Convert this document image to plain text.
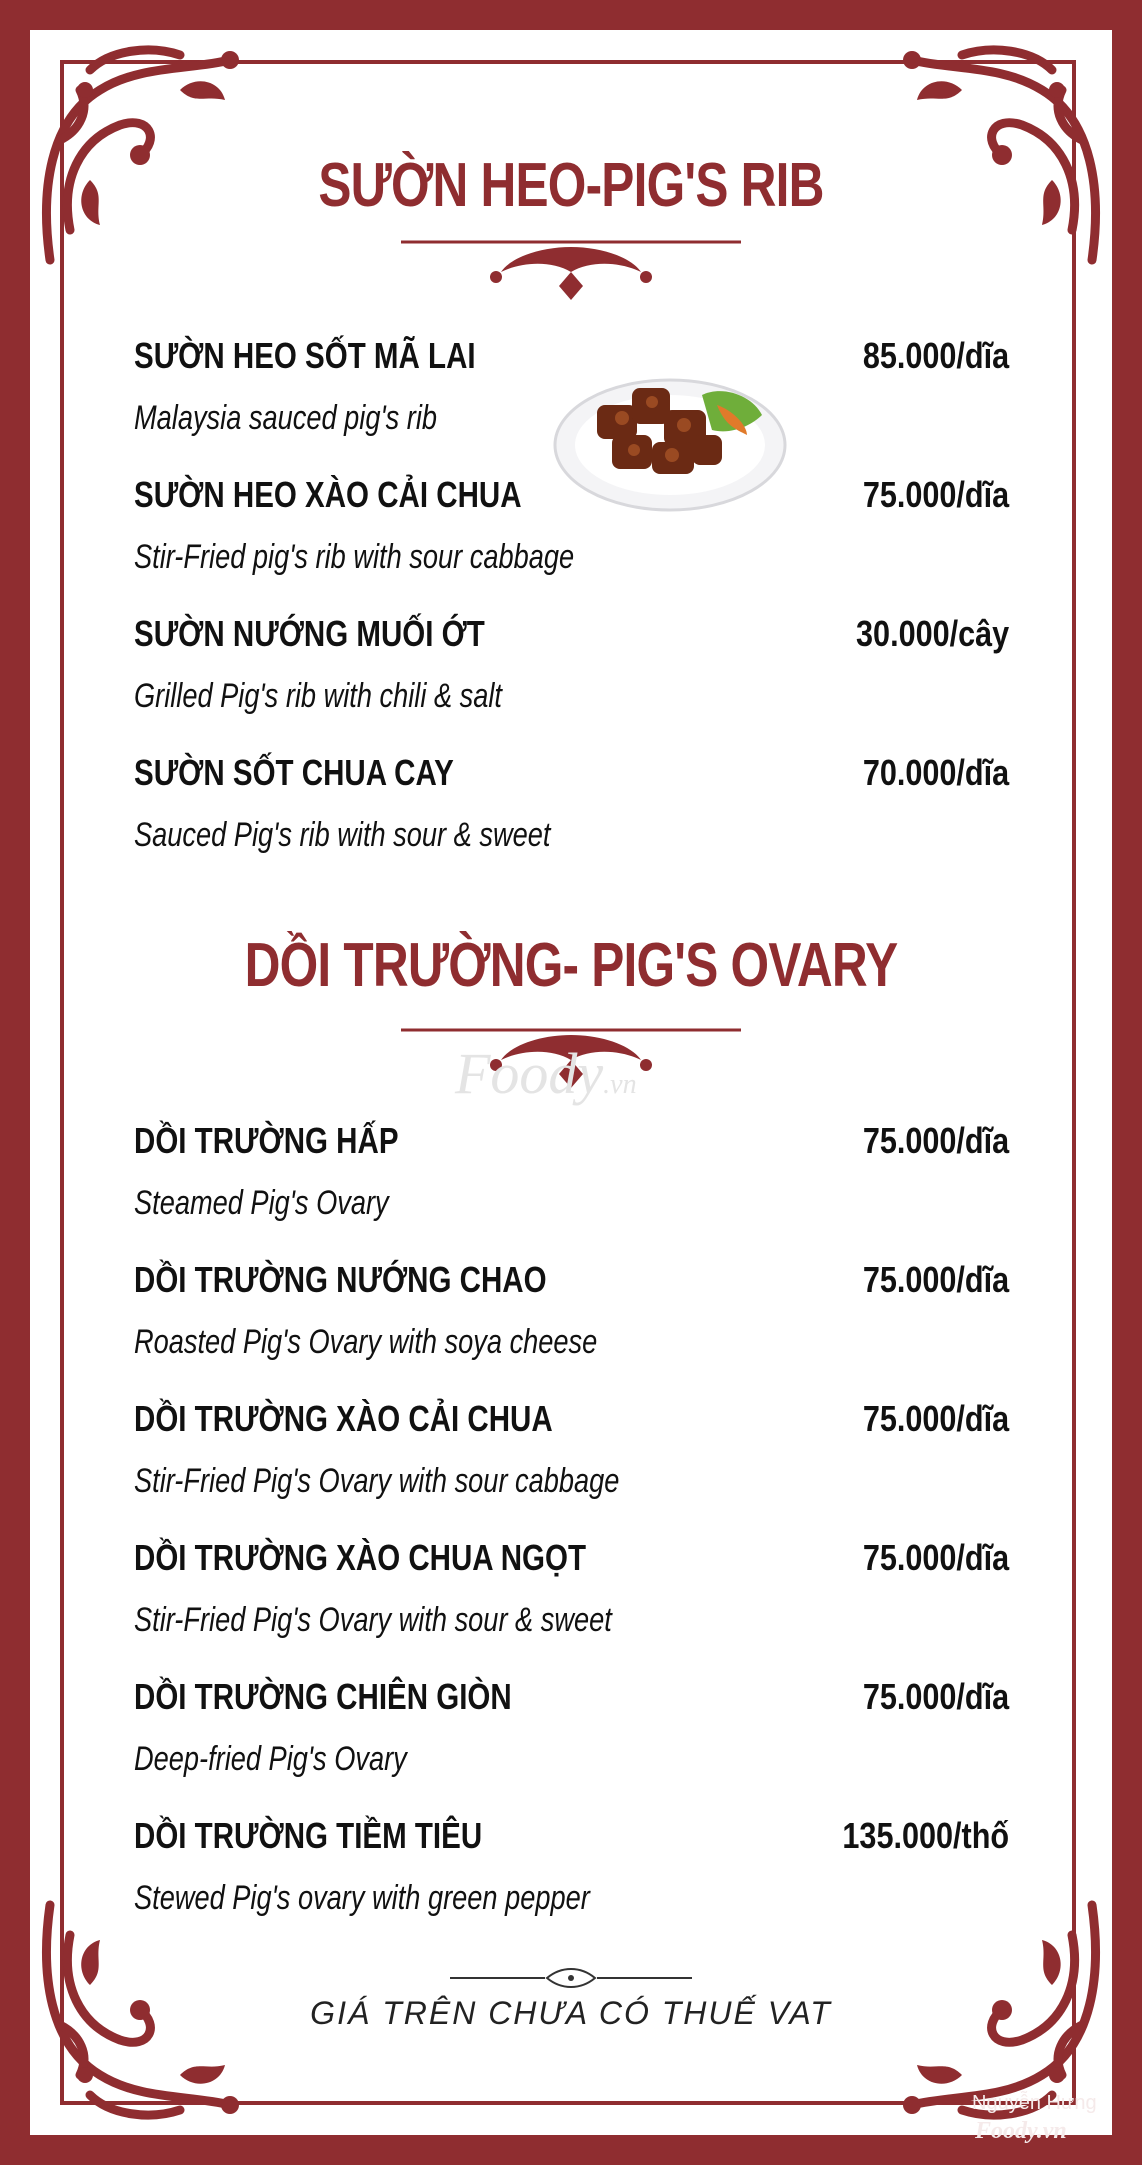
SƯỜN HEO-PIG'S RIB
SƯỜN HEO SỐT MÃ LAI	85.000/dĩa
Malaysia sauced pig's rib
SƯỜN HEO XÀO CẢI CHUA	75.000/dĩa
Stir-Fried pig's rib with sour cabbage
SƯỜN NƯỚNG MUỐI ỚT	30.000/cây
Grilled Pig's rib with chili & salt
SƯỜN SỐT CHUA CAY	70.000/dĩa
Sauced Pig's rib with sour & sweet
DỒI TRƯỜNG- PIG'S OVARY
Foody.vn
DỒI TRƯỜNG HẤP	75.000/dĩa
Steamed Pig's Ovary
DỒI TRƯỜNG NƯỚNG CHAO	75.000/dĩa
Roasted Pig's Ovary with soya cheese
DỒI TRƯỜNG XÀO CẢI CHUA	75.000/dĩa
Stir-Fried Pig's Ovary with sour cabbage
DỒI TRƯỜNG XÀO CHUA NGỌT	75.000/dĩa
Stir-Fried Pig's Ovary with sour & sweet
DỒI TRƯỜNG CHIÊN GIÒN	75.000/dĩa
Deep-fried Pig's Ovary
DỒI TRƯỜNG TIỀM TIÊU	135.000/thố
Stewed Pig's ovary with green pepper
GIÁ TRÊN CHƯA CÓ THUẾ VAT
Nguyễn Hưng
Foody.vn
